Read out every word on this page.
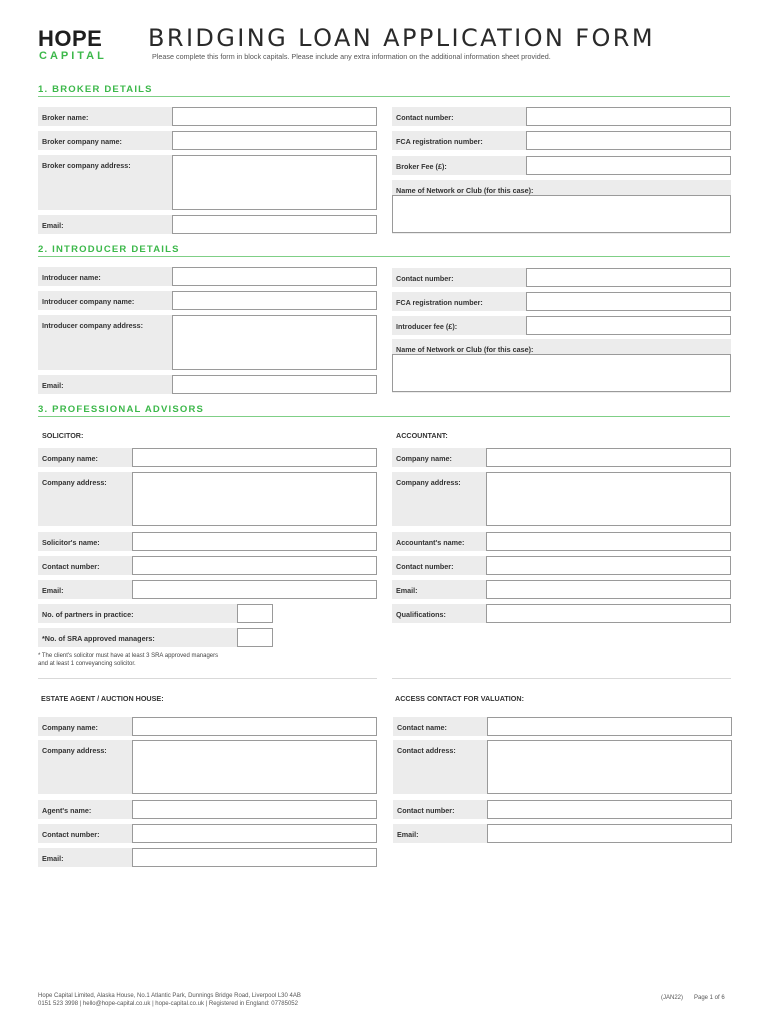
HOPE
CAPITAL
BRIDGING LOAN APPLICATION FORM
Please complete this form in block capitals. Please include any extra information on the additional information sheet provided.
1. BROKER DETAILS
Broker name:
Broker company name:
Broker company address:
Email:
Contact number:
FCA registration number:
Broker Fee (£):
Name of Network or Club (for this case):
2. INTRODUCER DETAILS
Introducer name:
Introducer company name:
Introducer company address:
Email:
Contact number:
FCA registration number:
Introducer fee (£):
Name of Network or Club (for this case):
3. PROFESSIONAL ADVISORS
SOLICITOR:
Company name:
Company address:
Solicitor's name:
Contact number:
Email:
No. of partners in practice:
*No. of SRA approved managers:
* The client's solicitor must have at least 3 SRA approved managers
and at least 1 conveyancing solicitor.
ACCOUNTANT:
Company name:
Company address:
Accountant's name:
Contact number:
Email:
Qualifications:
ESTATE AGENT / AUCTION HOUSE:
Company name:
Company address:
Agent's name:
Contact number:
Email:
ACCESS CONTACT FOR VALUATION:
Contact name:
Contact address:
Contact number:
Email:
Hope Capital Limited, Alaska House, No.1 Atlantic Park, Dunnings Bridge Road, Liverpool L30 4AB
0151 523 3998 | hello@hope-capital.co.uk | hope-capital.co.uk | Registered in England: 07785052
(JAN22) Page 1 of 6
